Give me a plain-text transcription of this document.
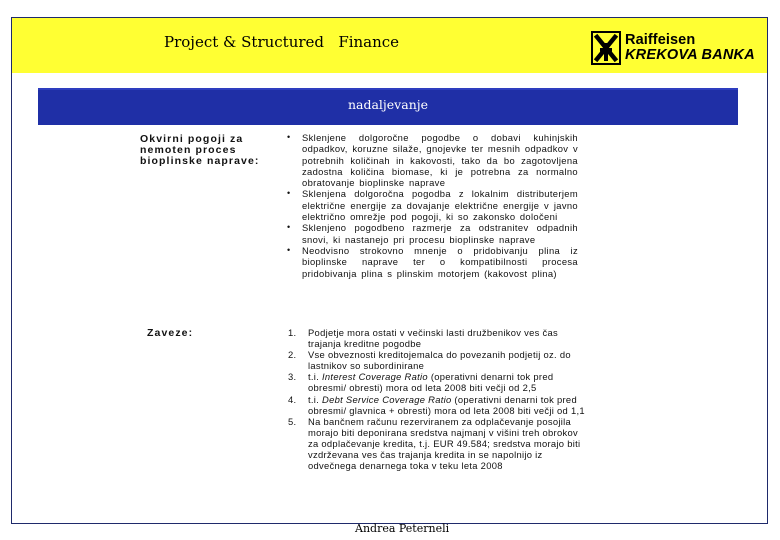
Project & Structured   Finance	Raiffeisen
KREKOVA BANKA
nadaljevanje
Okvirni pogoji za nemoten proces bioplinske naprave:
• Sklenjene dolgoročne pogodbe o dobavi kuhinjskih odpadkov, koruzne silaže, gnojevke ter mesnih odpadkov v potrebnih količinah in kakovosti, tako da bo zagotovljena zadostna količina biomase, ki je potrebna za normalno obratovanje bioplinske naprave
• Sklenjena dolgoročna pogodba z lokalnim distributerjem električne energije za dovajanje električne energije v javno električno omrežje pod pogoji, ki so zakonsko določeni
• Sklenjeno pogodbeno razmerje za odstranitev odpadnih snovi, ki nastanejo pri procesu bioplinske naprave
• Neodvisno strokovno mnenje o pridobivanju plina iz bioplinske naprave ter o kompatibilnosti procesa pridobivanja plina s plinskim motorjem (kakovost plina)
Zaveze:	1. Podjetje mora ostati v večinski lasti družbenikov ves čas trajanja kreditne pogodbe
2. Vse obveznosti kreditojemalca do povezanih podjetij oz. do lastnikov so subordinirane
3. t.i. Interest Coverage Ratio (operativni denarni tok pred obresmi/ obresti) mora od leta 2008 biti večji od 2,5
4. t.i. Debt Service Coverage Ratio (operativni denarni tok pred obresmi/ glavnica + obresti) mora od leta 2008 biti večji od 1,1
5. Na bančnem računu rezerviranem za odplačevanje posojila morajo biti deponirana sredstva najmanj v višini treh obrokov za odplačevanje kredita, t.j. EUR 49.584; sredstva morajo biti vzdrževana ves čas trajanja kredita in se napolnijo iz odvečnega denarnega toka v teku leta 2008
Andrea Peterneli
